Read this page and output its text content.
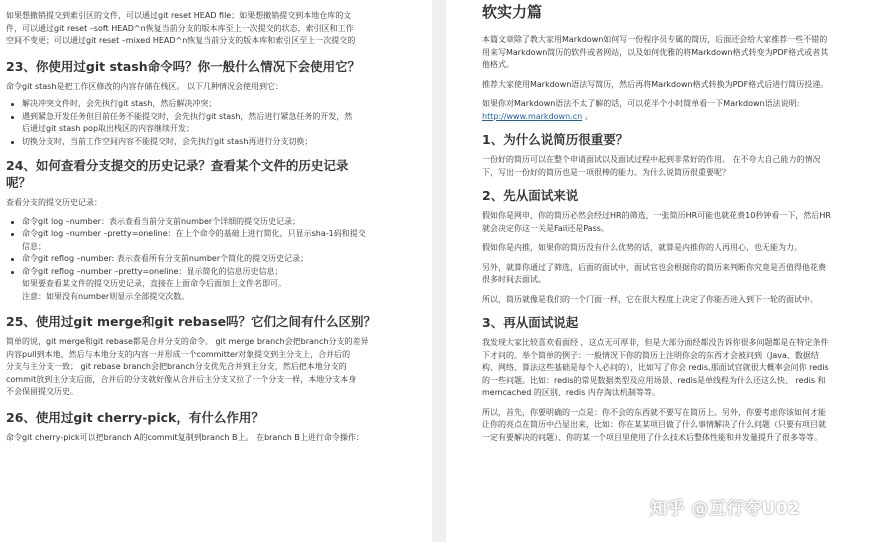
如果想撤销提交到索引区的文件，可以通过git reset HEAD file；如果想撤销提交到本地仓库的文

件，可以通过git reset –soft HEAD^n恢复当前分支的版本库至上一次提交的状态，索引区和工作

空间不变更；可以通过git reset –mixed HEAD^n恢复当前分支的版本库和索引区至上一次提交的

23、你使用过git stash命令吗？你一般什么情况下会使用它？

命令git stash是把工作区修改的内容存储在栈区。 以下几种情况会使用到它：

解决冲突文件时，会先执行git stash，然后解决冲突；
遇到紧急开发任务但目前任务不能提交时，会先执行git stash，然后进行紧急任务的开发，然
后通过git stash pop取出栈区的内容继续开发；
切换分支时，当前工作空间内容不能提交时，会先执行git stash再进行分支切换；
24、如何查看分支提交的历史记录？查看某个文件的历史记录
呢？

查看分支的提交历史记录：

命令git log –number：表示查看当前分支前number个详细的提交历史记录；
命令git log –number –pretty=oneline：在上个命令的基础上进行简化，只显示sha-1码和提交
信息；
命令git reflog –number: 表示查看所有分支前number个简化的提交历史记录；
命令git reflog –number –pretty=oneline：显示简化的信息历史信息；
如果要查看某文件的提交历史记录，直接在上面命令后面加上文件名即可。
注意：如果没有number则显示全部提交次数。
25、使用过git merge和git rebase吗？它们之间有什么区别？

简单的说，git merge和git rebase都是合并分支的命令。 git merge branch会把branch分支的差异

内容pull到本地，然后与本地分支的内容一并形成一个committer对象提交到主分支上，合并后的

分支与主分支一致； git rebase branch会把branch分支优先合并到主分支，然后把本地分支的

commit放到主分支后面，合并后的分支就好像从合并后主分支又拉了一个分支一样，本地分支本身

不会保留提交历史。

26、使用过git cherry-pick，有什么作用？

命令git cherry-pick可以把branch A的commit复制到branch B上。 在branch B上进行命令操作：

软实力篇

本篇文章除了教大家用Markdown如何写一份程序员专属的简历，后面还会给大家推荐一些不错的
用来写Markdown简历的软件或者网站，以及如何优雅的将Markdown格式转变为PDF格式或者其
他格式。

推荐大家使用Markdown语法写简历，然后再将Markdown格式转换为PDF格式后进行简历投递。

如果你对Markdown语法不太了解的话，可以花半个小时简单看一下Markdown语法说明:
http://www.markdown.cn 。

1、为什么说简历很重要？

一份好的简历可以在整个申请面试以及面试过程中起到非常好的作用。 在不夸大自己能力的情况
下，写出一份好的简历也是一项很棒的能力。为什么说简历很重要呢？

2、先从面试来说

假如你是网申，你的简历必然会经过HR的筛选，一张简历HR可能也就花费10秒钟看一下，然后HR
就会决定你这一关是Fail还是Pass。

假如你是内推，如果你的简历没有什么优势的话，就算是内推你的人再用心，也无能为力。

另外，就算你通过了筛选，后面的面试中，面试官也会根据你的简历来判断你究竟是否值得他花费
很多时间去面试。

所以，简历就像是我们的一个门面一样，它在很大程度上决定了你能否进入到下一轮的面试中。

3、再从面试说起

我发现大家比较喜欢看面经 ，这点无可厚非，但是大部分面经都没告诉你很多问题都是在特定条件
下才问的。举个简单的例子：一般情况下你的简历上注明你会的东西才会被问到（Java、数据结
构、网络、算法这些基础是每个人必问的），比如写了你会 redis,那面试官就很大概率会问你 redis
的一些问题。比如：redis的常见数据类型及应用场景、redis是单线程为什么还这么快、 redis 和
memcached 的区别、redis 内存淘汰机制等等。

所以，首先，你要明确的一点是：你不会的东西就不要写在简历上。另外，你要考虑你该如何才能
让你的亮点在简历中凸显出来，比如：你在某某项目做了什么事情解决了什么问题（只要有项目就
一定有要解决的问题）、你的某一个项目里使用了什么技术后整体性能和并发量提升了很多等等。

知乎 @互行夺U02
